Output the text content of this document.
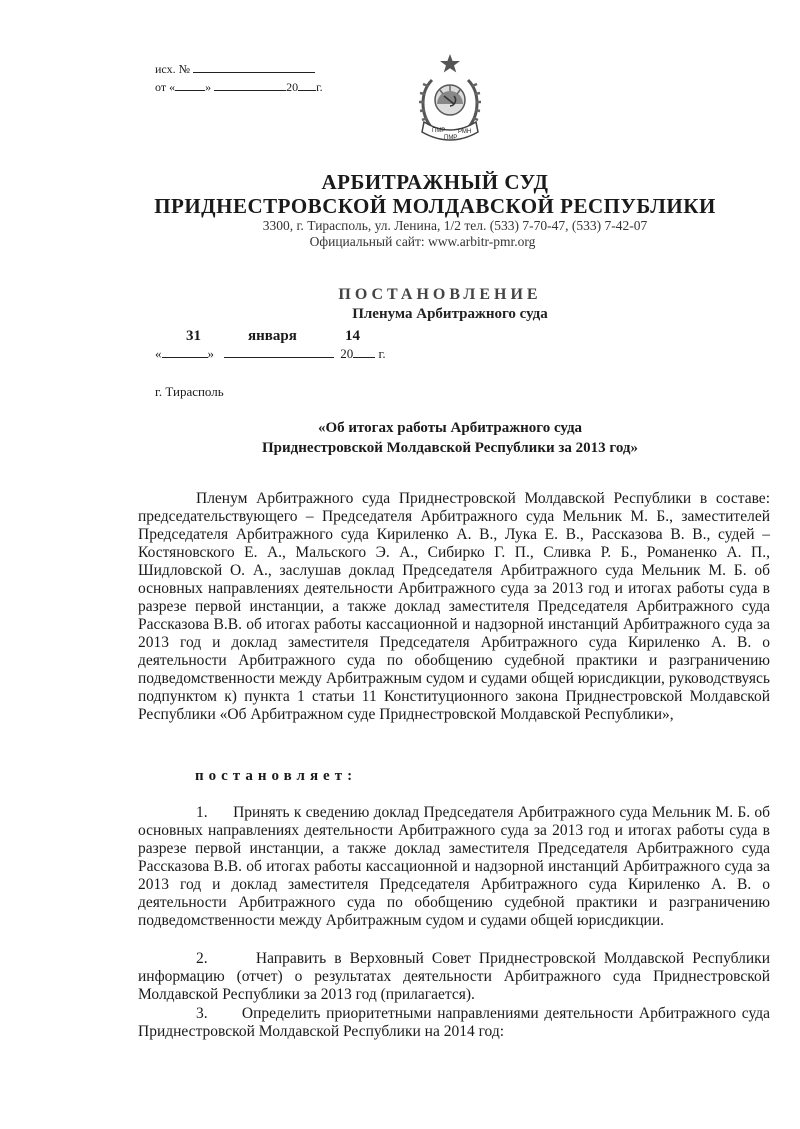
исх. №
от «	»	20 г.
ПМР
ПМР
РМН
АРБИТРАЖНЫЙ СУД
ПРИДНЕСТРОВСКОЙ МОЛДАВСКОЙ РЕСПУБЛИКИ
3300, г. Тирасполь, ул. Ленина, 1/2 тел. (533) 7-70-47, (533) 7-42-07
Официальный сайт: www.arbitr-pmr.org
ПОСТАНОВЛЕНИЕ
Пленума Арбитражного суда
31	января	14
«	»	20 г.
г. Тирасполь
«Об итогах работы Арбитражного суда
Приднестровской Молдавской Республики за 2013 год»
Пленум Арбитражного суда Приднестровской Молдавской Республики в составе: председательствующего – Председателя Арбитражного суда Мельник М. Б., заместителей Председателя Арбитражного суда Кириленко А. В., Лука Е. В., Рассказова В. В., судей – Костяновского Е. А., Мальского Э. А., Сибирко Г. П., Сливка Р. Б., Романенко А. П., Шидловской О. А., заслушав доклад Председателя Арбитражного суда Мельник М. Б. об основных направлениях деятельности Арбитражного суда за 2013 год и итогах работы суда в разрезе первой инстанции, а также доклад заместителя Председателя Арбитражного суда Рассказова В.В. об итогах работы кассационной и надзорной инстанций Арбитражного суда за 2013 год и доклад заместителя Председателя Арбитражного суда Кириленко А. В. о деятельности Арбитражного суда по обобщению судебной практики и разграничению подведомственности между Арбитражным судом и судами общей юрисдикции, руководствуясь подпунктом к) пункта 1 статьи 11 Конституционного закона Приднестровской Молдавской Республики «Об Арбитражном суде Приднестровской Молдавской Республики»,
постановляет:
1.      Принять к сведению доклад Председателя Арбитражного суда Мельник М. Б. об основных направлениях деятельности Арбитражного суда за 2013 год и итогах работы суда в разрезе первой инстанции, а также доклад заместителя Председателя Арбитражного суда Рассказова В.В. об итогах работы кассационной и надзорной инстанций Арбитражного суда за 2013 год и доклад заместителя Председателя Арбитражного суда Кириленко А. В. о деятельности Арбитражного суда по обобщению судебной практики и разграничению подведомственности между Арбитражным судом и судами общей юрисдикции.
2.      Направить в Верховный Совет Приднестровской Молдавской Республики информацию (отчет) о результатах деятельности Арбитражного суда Приднестровской Молдавской Республики за 2013 год (прилагается).
3.      Определить приоритетными направлениями деятельности Арбитражного суда Приднестровской Молдавской Республики на 2014 год:
